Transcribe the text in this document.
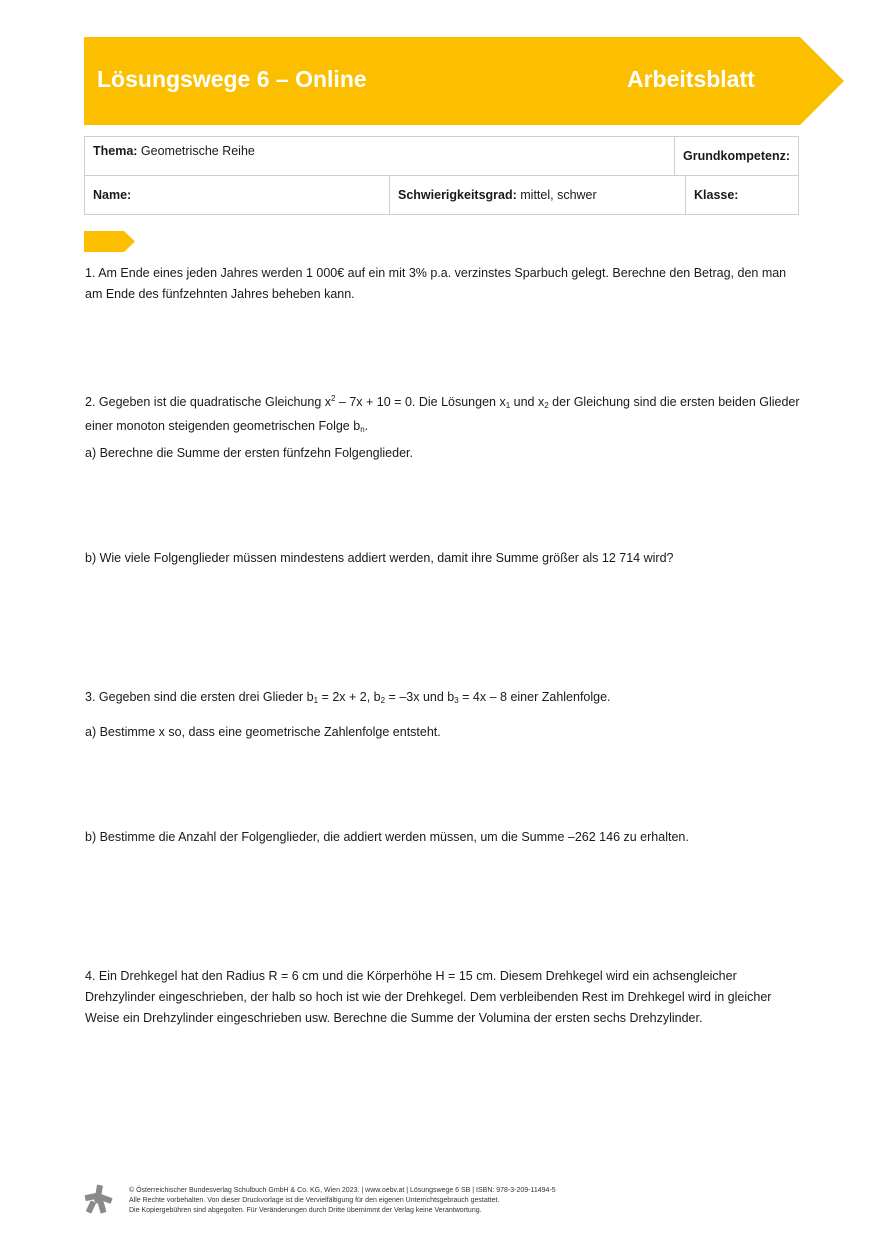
Lösungswege 6 – Online	Arbeitsblatt
Thema: Geometrische Reihe		Grundkompetenz:	
Name:	Schwierigkeitsgrad: mittel, schwer		Klasse:
1. Am Ende eines jeden Jahres werden 1 000€ auf ein mit 3% p.a. verzinstes Sparbuch gelegt. Berechne den Betrag, den man am Ende des fünfzehnten Jahres beheben kann.
2. Gegeben ist die quadratische Gleichung $x^2 - 7x + 10 = 0$. Die Lösungen $x_1$ und $x_2$ der Gleichung sind die ersten beiden Glieder einer monoton steigenden geometrischen Folge $b_n$.
a) Berechne die Summe der ersten fünfzehn Folgenglieder.
b) Wie viele Folgenglieder müssen mindestens addiert werden, damit ihre Summe größer als 12 714 wird?
3. Gegeben sind die ersten drei Glieder $b_1 = 2x + 2$, $b_2 = -3x$ und $b_3 = 4x - 8$ einer Zahlenfolge.
a) Bestimme x so, dass eine geometrische Zahlenfolge entsteht.
b) Bestimme die Anzahl der Folgenglieder, die addiert werden müssen, um die Summe –262 146 zu erhalten.
4. Ein Drehkegel hat den Radius R = 6 cm und die Körperhöhe H = 15 cm. Diesem Drehkegel wird ein achsengleicher Drehzylinder eingeschrieben, der halb so hoch ist wie der Drehkegel. Dem verbleibenden Rest im Drehkegel wird in gleicher Weise ein Drehzylinder eingeschrieben usw. Berechne die Summe der Volumina der ersten sechs Drehzylinder.
© Österreichischer Bundesverlag Schulbuch GmbH & Co. KG, Wien 2023. | www.oebv.at | Lösungswege 6 SB | ISBN: 978-3-209-11494-5
Alle Rechte vorbehalten. Von dieser Druckvorlage ist die Vervielfältigung für den eigenen Unterrichtsgebrauch gestattet.
Die Kopiergebühren sind abgegolten. Für Veränderungen durch Dritte übernimmt der Verlag keine Verantwortung.
